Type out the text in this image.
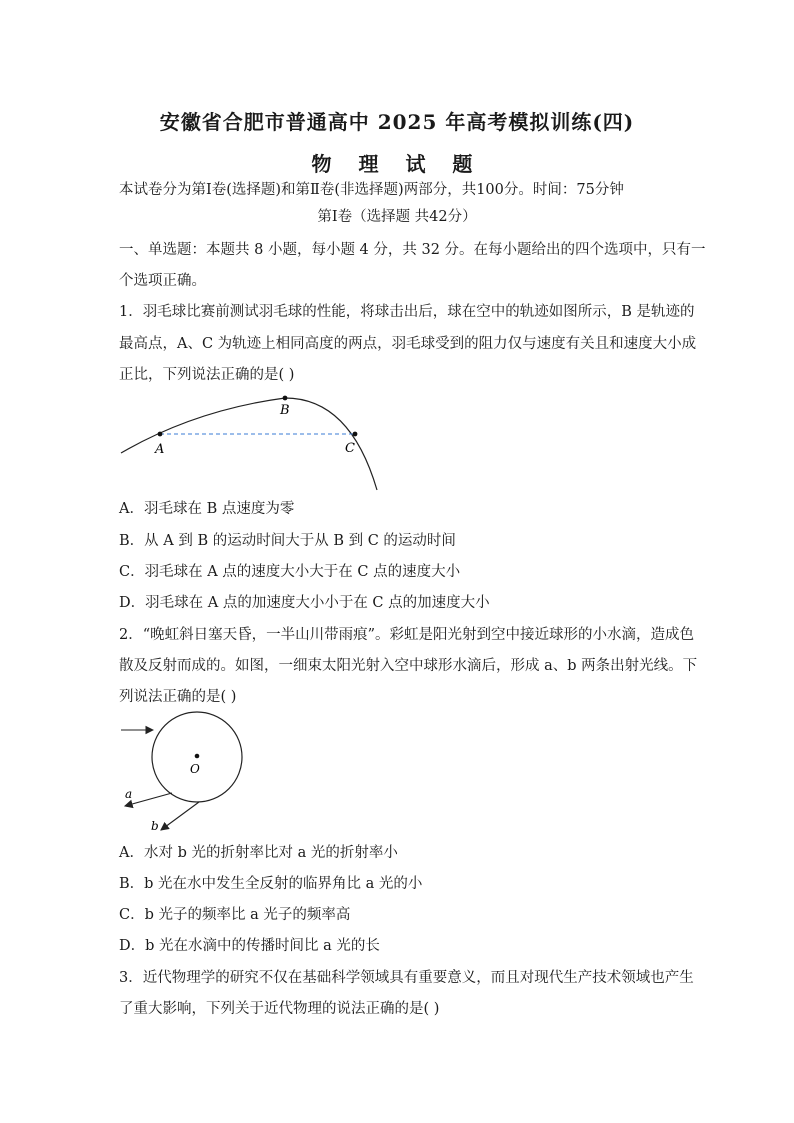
安徽省合肥市普通高中 2025 年高考模拟训练(四)
物 理 试 题
本试卷分为第Ⅰ卷(选择题)和第Ⅱ卷(非选择题)两部分，共100分。时间：75分钟
第Ⅰ卷（选择题 共42分）
一、单选题：本题共 8 小题，每小题 4 分，共 32 分。在每小题给出的四个选项中，只有一
个选项正确。
1．羽毛球比赛前测试羽毛球的性能，将球击出后，球在空中的轨迹如图所示，B 是轨迹的
最高点，A、C 为轨迹上相同高度的两点，羽毛球受到的阻力仅与速度有关且和速度大小成
正比，下列说法正确的是( )
A
B
C
A．羽毛球在 B 点速度为零
B．从 A 到 B 的运动时间大于从 B 到 C 的运动时间
C．羽毛球在 A 点的速度大小大于在 C 点的速度大小
D．羽毛球在 A 点的加速度大小小于在 C 点的加速度大小
2．“晚虹斜日塞天昏，一半山川带雨痕”。彩虹是阳光射到空中接近球形的小水滴，造成色
散及反射而成的。如图，一细束太阳光射入空中球形水滴后，形成 a、b 两条出射光线。下
列说法正确的是( )
O
a
b
A．水对 b 光的折射率比对 a 光的折射率小
B．b 光在水中发生全反射的临界角比 a 光的小
C．b 光子的频率比 a 光子的频率高
D．b 光在水滴中的传播时间比 a 光的长
3．近代物理学的研究不仅在基础科学领域具有重要意义，而且对现代生产技术领域也产生
了重大影响，下列关于近代物理的说法正确的是( )
